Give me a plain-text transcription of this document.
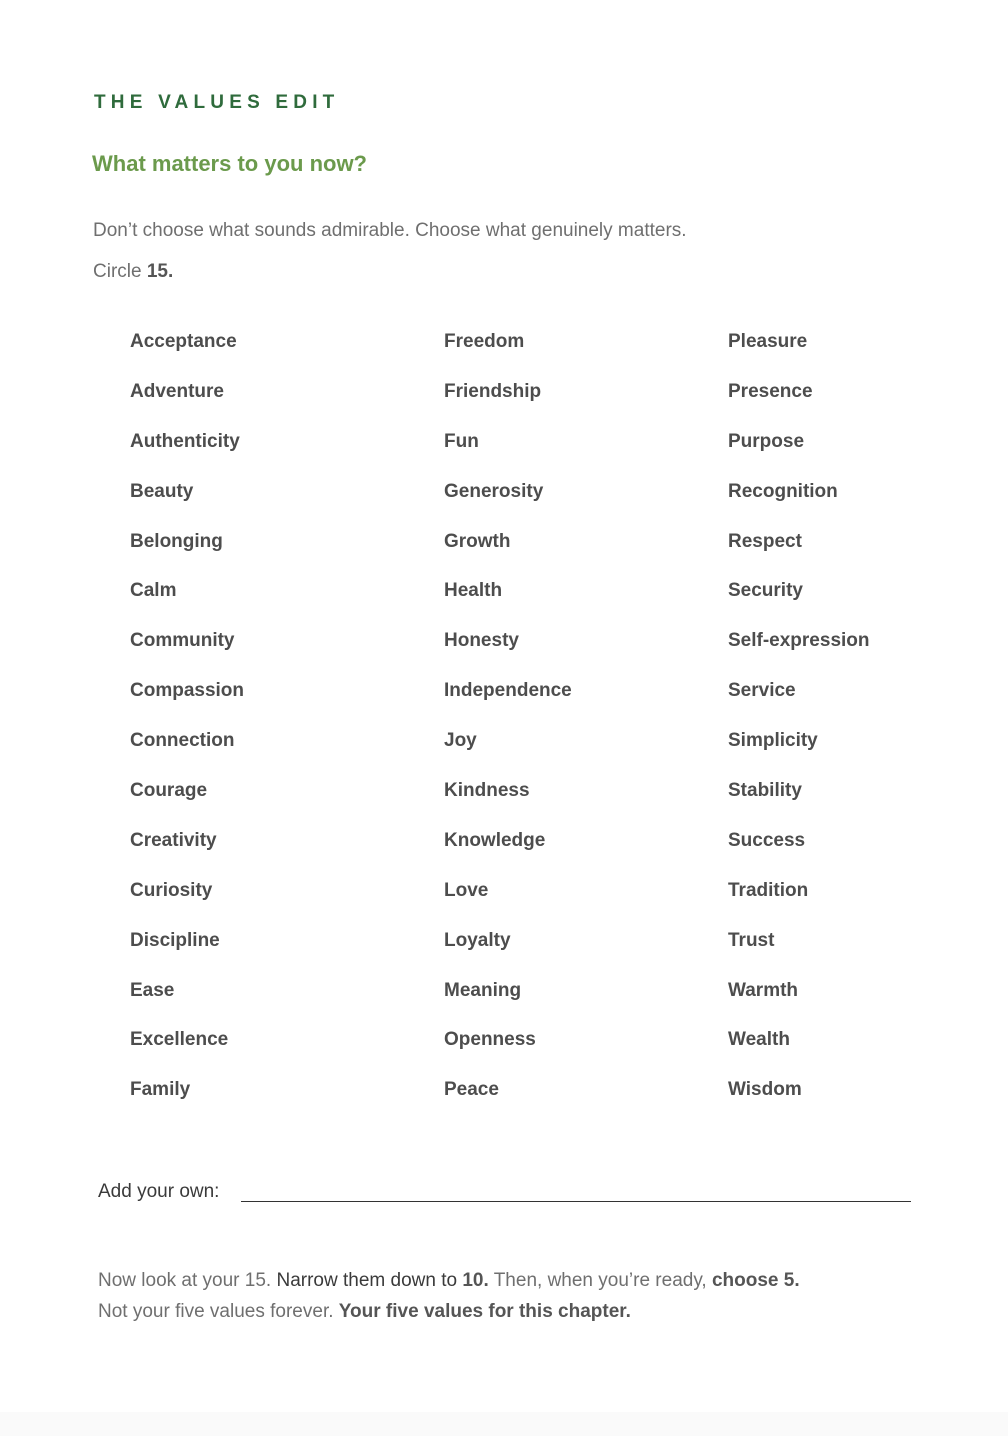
THE VALUES EDIT
What matters to you now?
Don’t choose what sounds admirable. Choose what genuinely matters.
Circle 15.
Acceptance
Adventure
Authenticity
Beauty
Belonging
Calm
Community
Compassion
Connection
Courage
Creativity
Curiosity
Discipline
Ease
Excellence
Family
Freedom
Friendship
Fun
Generosity
Growth
Health
Honesty
Independence
Joy
Kindness
Knowledge
Love
Loyalty
Meaning
Openness
Peace
Pleasure
Presence
Purpose
Recognition
Respect
Security
Self-expression
Service
Simplicity
Stability
Success
Tradition
Trust
Warmth
Wealth
Wisdom
Add your own:
Now look at your 15. Narrow them down to 10. Then, when you’re ready, choose 5.
Not your five values forever. Your five values for this chapter.
